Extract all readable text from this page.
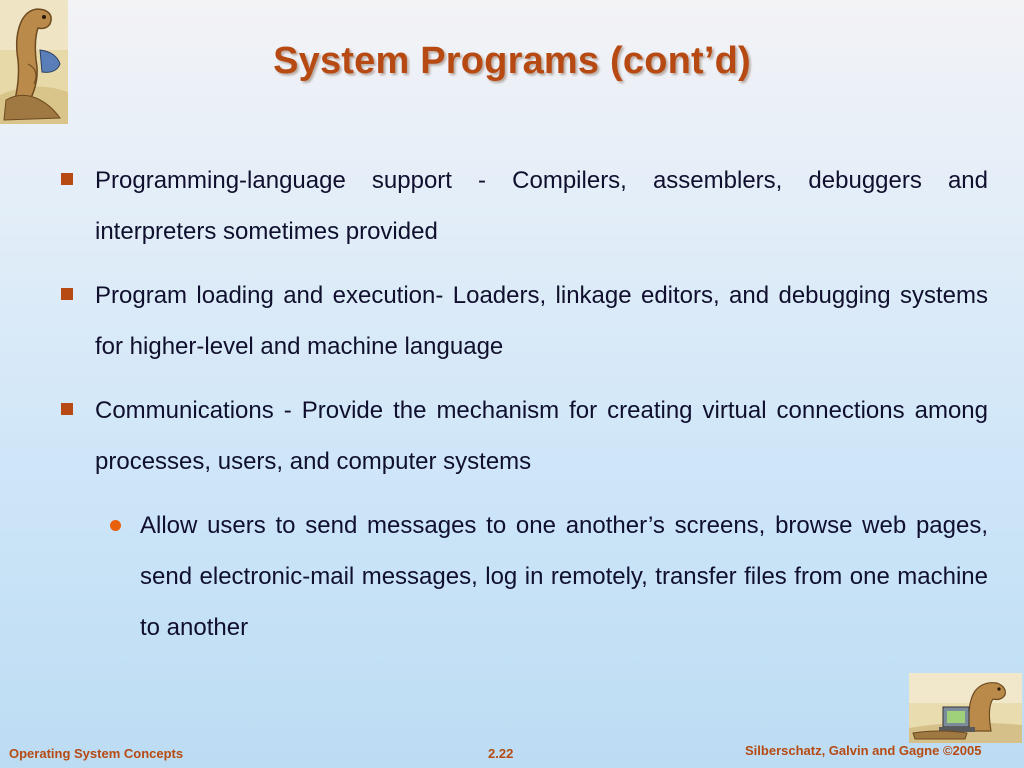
System Programs (cont’d)
Programming-language support - Compilers, assemblers, debuggers and interpreters sometimes provided
Program loading and execution- Loaders, linkage editors, and debugging systems for higher-level and machine language
Communications - Provide the mechanism for creating virtual connections among processes, users, and computer systems
Allow users to send messages to one another’s screens, browse web pages, send electronic-mail messages, log in remotely, transfer files from one machine to another
Operating System Concepts	2.22	Silberschatz, Galvin and Gagne ©2005
